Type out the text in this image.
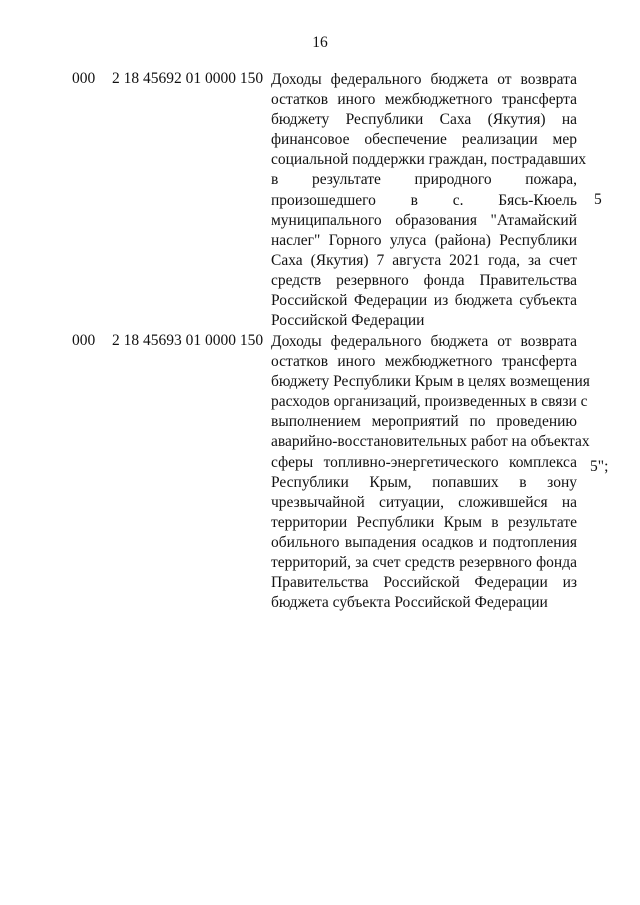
16
000 2 18 45692 01 0000 150 Доходы федерального бюджета от возврата
остатков иного межбюджетного трансферта
бюджету Республики Саха (Якутия) на
финансовое обеспечение реализации мер
социальной поддержки граждан, пострадавших
в результате природного пожара,
произошедшего в с. Бясь-Кюель
муниципального образования "Атамайский
наслег" Горного улуса (района) Республики
Саха (Якутия) 7 августа 2021 года, за счет
средств резервного фонда Правительства
Российской Федерации из бюджета субъекта
Российской Федерации
5
000 2 18 45693 01 0000 150 Доходы федерального бюджета от возврата
остатков иного межбюджетного трансферта
бюджету Республики Крым в целях возмещения
расходов организаций, произведенных в связи с
выполнением мероприятий по проведению
аварийно-восстановительных работ на объектах
сферы топливно-энергетического комплекса
Республики Крым, попавших в зону
чрезвычайной ситуации, сложившейся на
территории Республики Крым в результате
обильного выпадения осадков и подтопления
территорий, за счет средств резервного фонда
Правительства Российской Федерации из
бюджета субъекта Российской Федерации
5";
